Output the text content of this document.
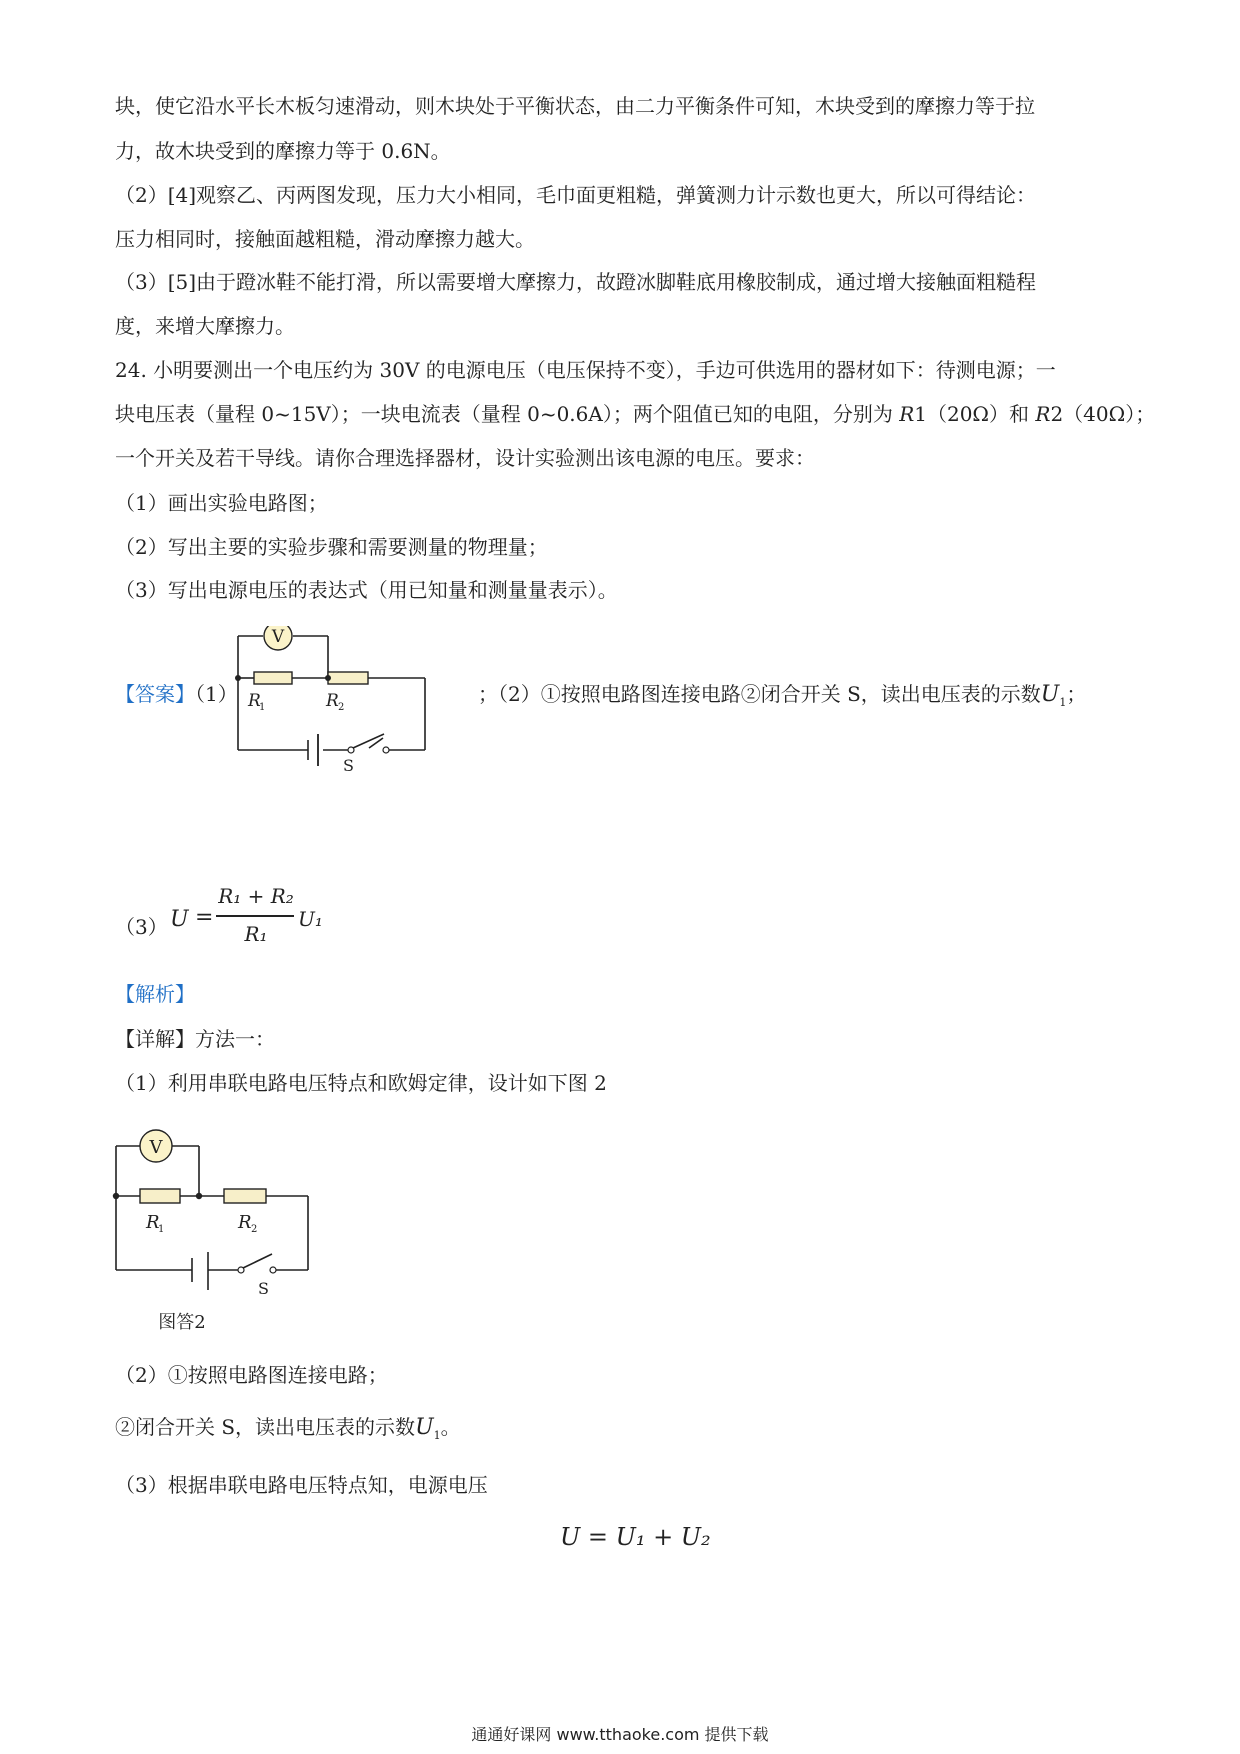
块，使它沿水平长木板匀速滑动，则木块处于平衡状态，由二力平衡条件可知，木块受到的摩擦力等于拉
力，故木块受到的摩擦力等于 0.6N。
（2）[4]观察乙、丙两图发现，压力大小相同，毛巾面更粗糙，弹簧测力计示数也更大，所以可得结论：
压力相同时，接触面越粗糙，滑动摩擦力越大。
（3）[5]由于蹬冰鞋不能打滑，所以需要增大摩擦力，故蹬冰脚鞋底用橡胶制成，通过增大接触面粗糙程
度，来增大摩擦力。
24. 小明要测出一个电压约为 30V 的电源电压（电压保持不变），手边可供选用的器材如下：待测电源；一
块电压表（量程 0~15V）；一块电流表（量程 0~0.6A）；两个阻值已知的电阻，分别为 R1（20Ω）和 R2（40Ω）；
一个开关及若干导线。请你合理选择器材，设计实验测出该电源的电压。要求：
（1）画出实验电路图；
（2）写出主要的实验步骤和需要测量的物理量；
（3）写出电源电压的表达式（用已知量和测量量表示）。
【答案】（1）
V
R
1	R 2
S
；（2）①按照电路图连接电路②闭合开关 S，读出电压表的示数$U_1$；
（3） U =
R₁ + R₂
R₁
U₁
【解析】
【详解】方法一：
（1）利用串联电路电压特点和欧姆定律，设计如下图 2
V
R
1	R 2
S
图答2
（2）①按照电路图连接电路；
②闭合开关 S，读出电压表的示数$U_1$。
（3）根据串联电路电压特点知，电源电压
U = U₁ + U₂
通通好课网 www.tthaoke.com 提供下载
